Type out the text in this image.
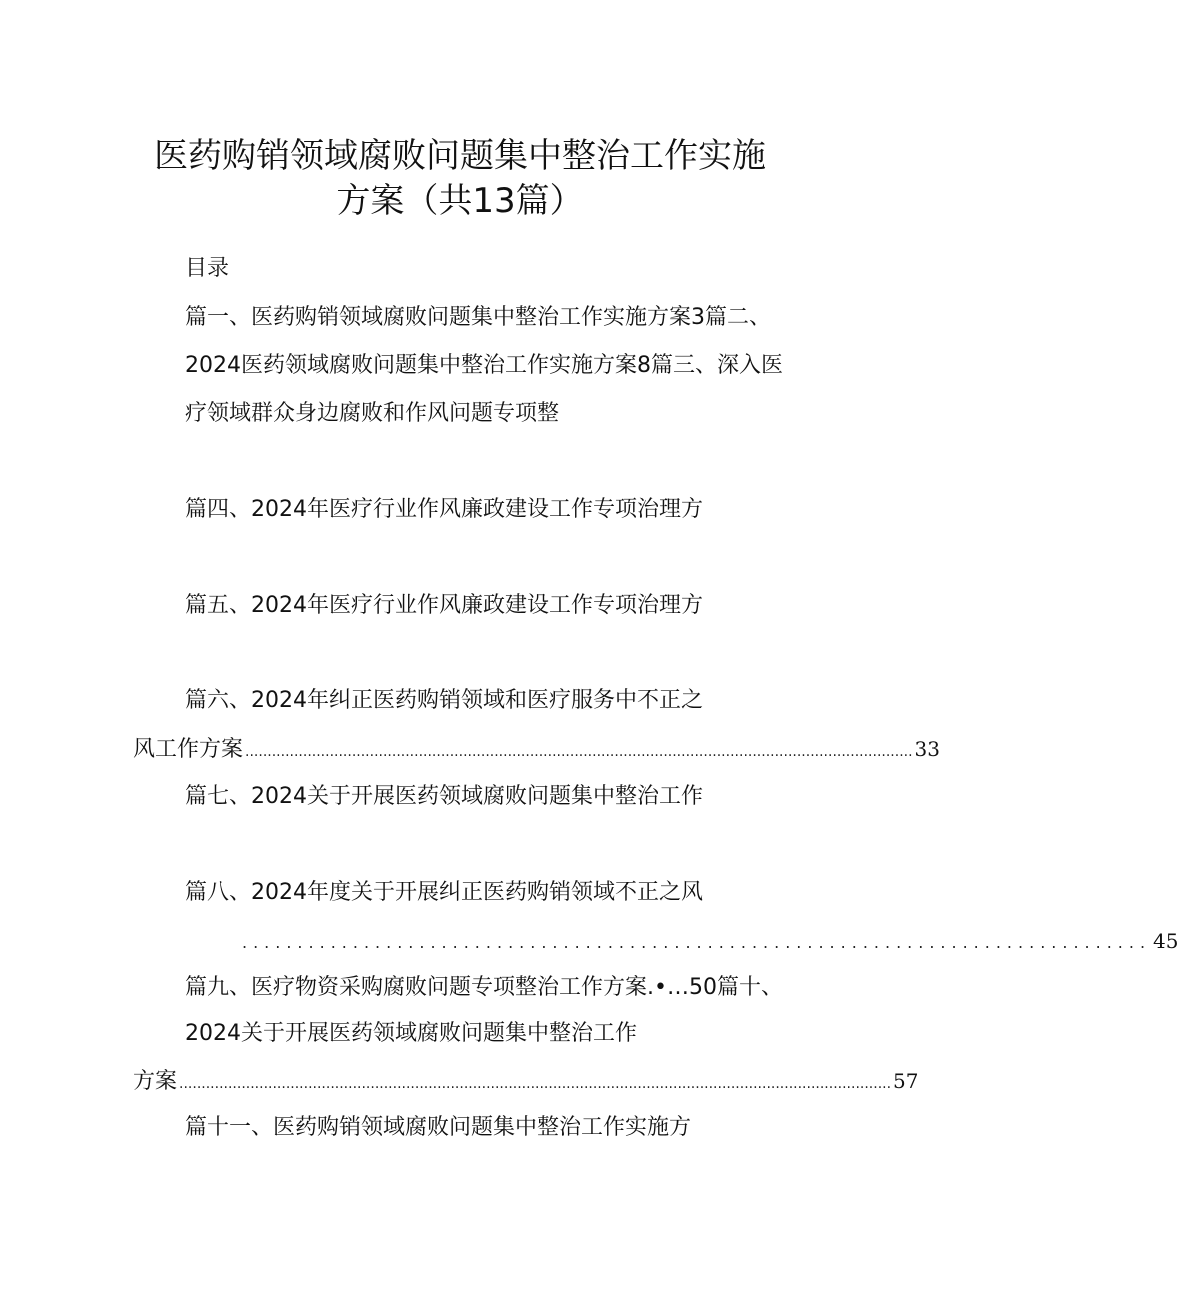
医药购销领域腐败问题集中整治工作实施
方案（共13篇）
目录
篇一、医药购销领域腐败问题集中整治工作实施方案3篇二、
2024医药领域腐败问题集中整治工作实施方案8篇三、深入医
疗领域群众身边腐败和作风问题专项整
篇四、2024年医疗行业作风廉政建设工作专项治理方
篇五、2024年医疗行业作风廉政建设工作专项治理方
篇六、2024年纠正医药购销领域和医疗服务中不正之
风工作方案 ...................................................................................................................................................... 33
篇七、2024关于开展医药领域腐败问题集中整治工作
篇八、2024年度关于开展纠正医药购销领域不正之风
.................................................................................. 45
篇九、医疗物资采购腐败问题专项整治工作方案.•…50篇十、
2024关于开展医药领域腐败问题集中整治工作
方案 ................................................................................................................................................................ 57
篇十一、医药购销领域腐败问题集中整治工作实施方
